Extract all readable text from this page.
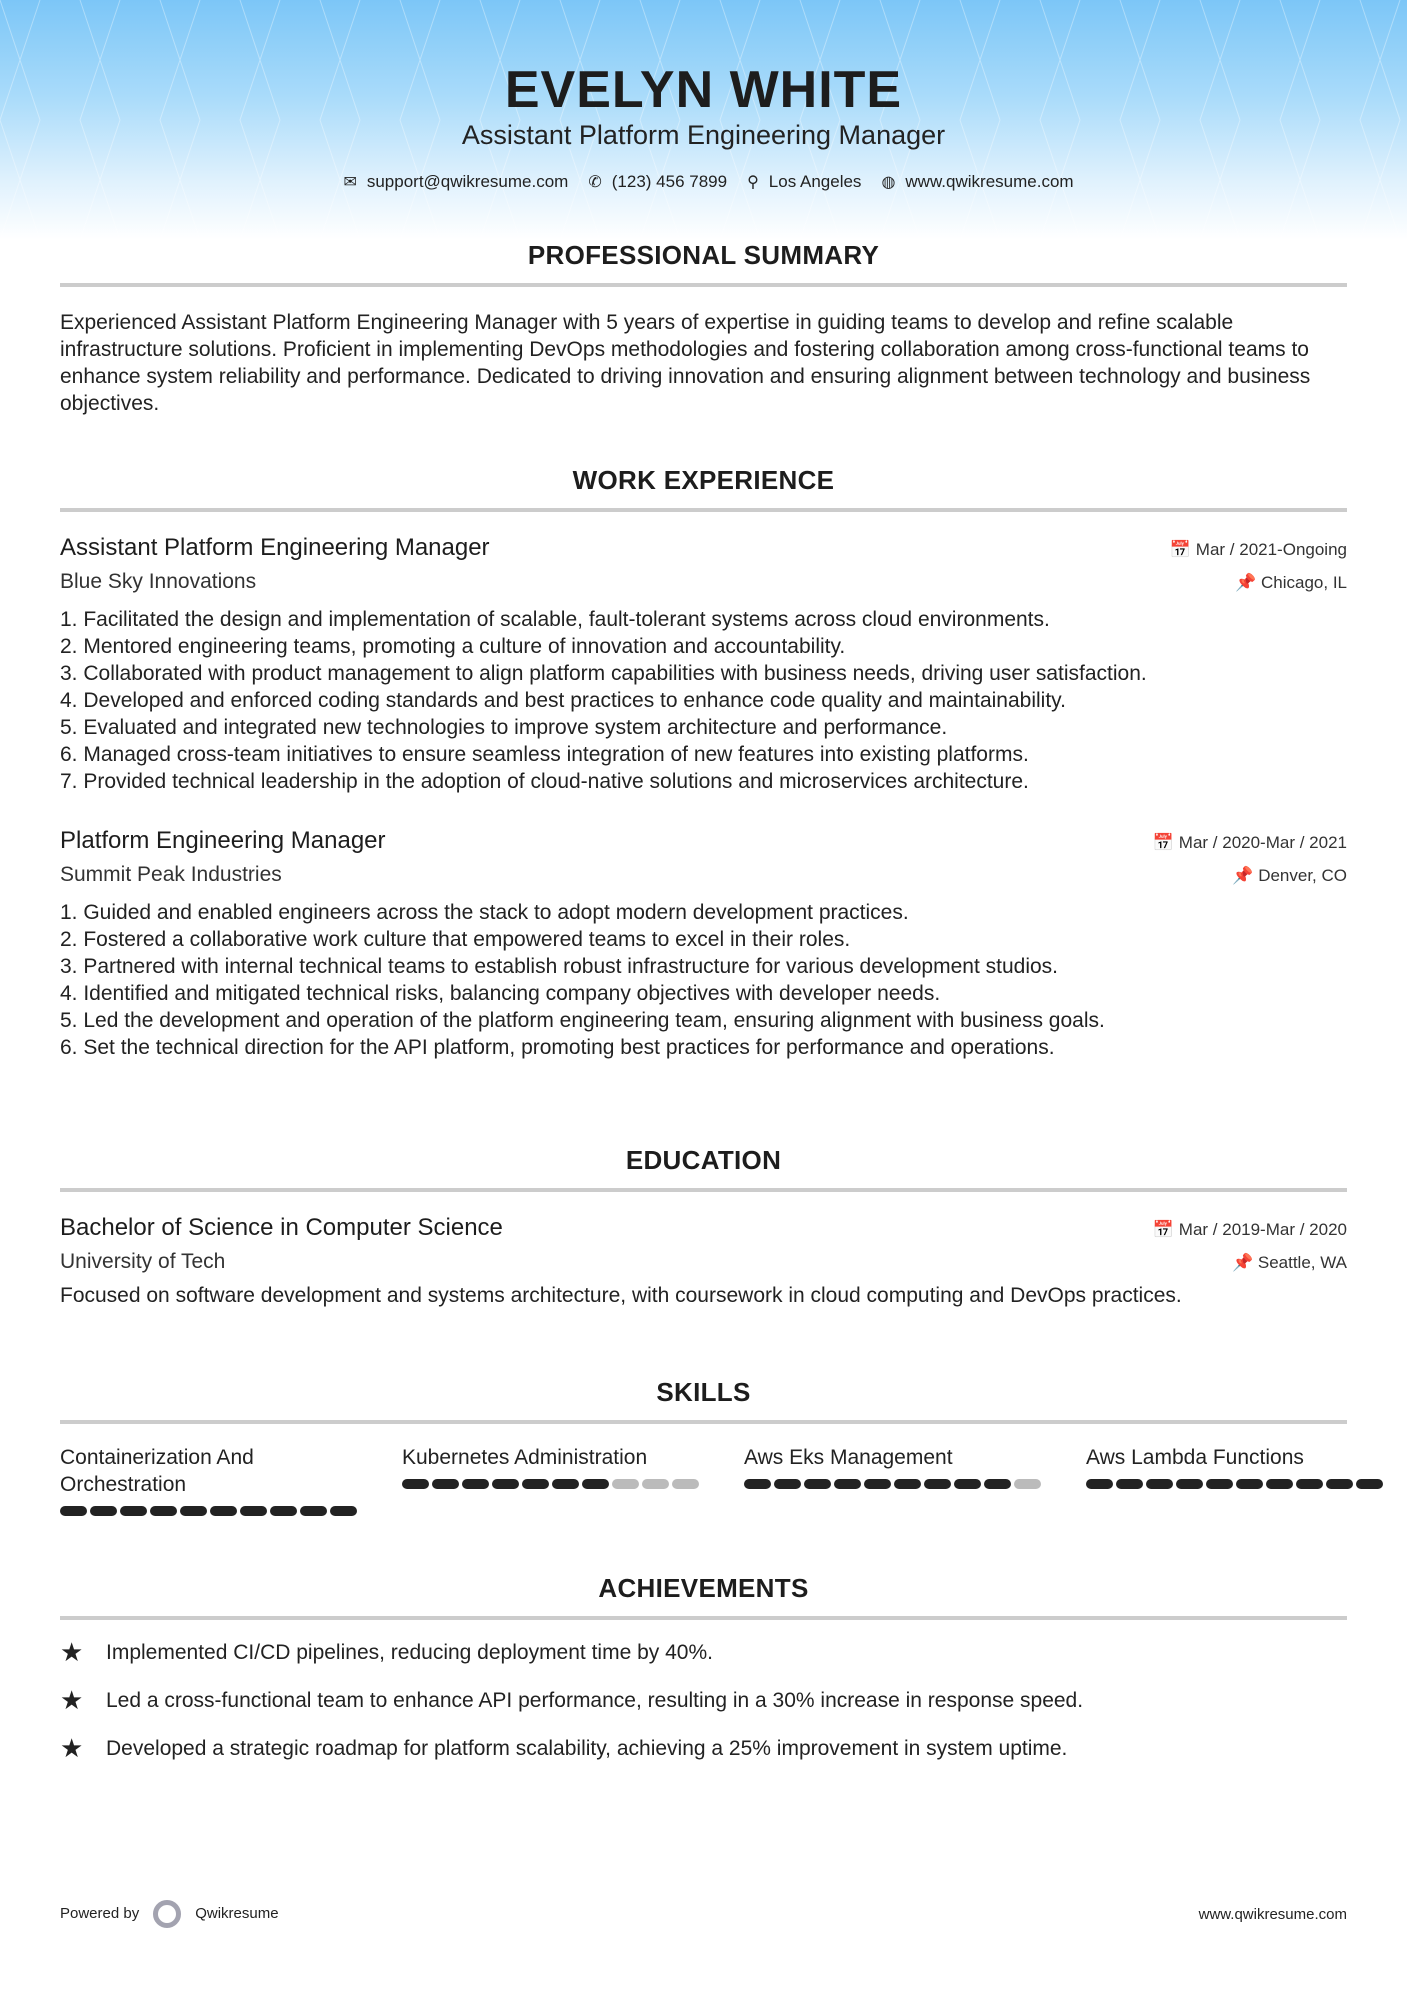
EVELYN WHITE
Assistant Platform Engineering Manager
✉ support@qwikresume.com ✆ (123) 456 7899 ⚲ Los Angeles ◍ www.qwikresume.com
PROFESSIONAL SUMMARY

Experienced Assistant Platform Engineering Manager with 5 years of expertise in guiding teams to develop and refine scalable infrastructure solutions. Proficient in implementing DevOps methodologies and fostering collaboration among cross-functional teams to enhance system reliability and performance. Dedicated to driving innovation and ensuring alignment between technology and business objectives.

WORK EXPERIENCE
Assistant Platform Engineering Manager	📅 Mar / 2021-Ongoing
Blue Sky Innovations	📌 Chicago, IL
1. Facilitated the design and implementation of scalable, fault-tolerant systems across cloud environments.
2. Mentored engineering teams, promoting a culture of innovation and accountability.
3. Collaborated with product management to align platform capabilities with business needs, driving user satisfaction.
4. Developed and enforced coding standards and best practices to enhance code quality and maintainability.
5. Evaluated and integrated new technologies to improve system architecture and performance.
6. Managed cross-team initiatives to ensure seamless integration of new features into existing platforms.
7. Provided technical leadership in the adoption of cloud-native solutions and microservices architecture.
Platform Engineering Manager	📅 Mar / 2020-Mar / 2021
Summit Peak Industries	📌 Denver, CO
1. Guided and enabled engineers across the stack to adopt modern development practices.
2. Fostered a collaborative work culture that empowered teams to excel in their roles.
3. Partnered with internal technical teams to establish robust infrastructure for various development studios.
4. Identified and mitigated technical risks, balancing company objectives with developer needs.
5. Led the development and operation of the platform engineering team, ensuring alignment with business goals.
6. Set the technical direction for the API platform, promoting best practices for performance and operations.
EDUCATION
Bachelor of Science in Computer Science	📅 Mar / 2019-Mar / 2020
University of Tech	📌 Seattle, WA

Focused on software development and systems architecture, with coursework in cloud computing and DevOps practices.

SKILLS
Containerization And Orchestration
Kubernetes Administration	Aws Eks Management	Aws Lambda Functions
ACHIEVEMENTS
★	Implemented CI/CD pipelines, reducing deployment time by 40%.
★	Led a cross-functional team to enhance API performance, resulting in a 30% increase in response speed.
★	Developed a strategic roadmap for platform scalability, achieving a 25% improvement in system uptime.
Powered by	Qwikresume	www.qwikresume.com
